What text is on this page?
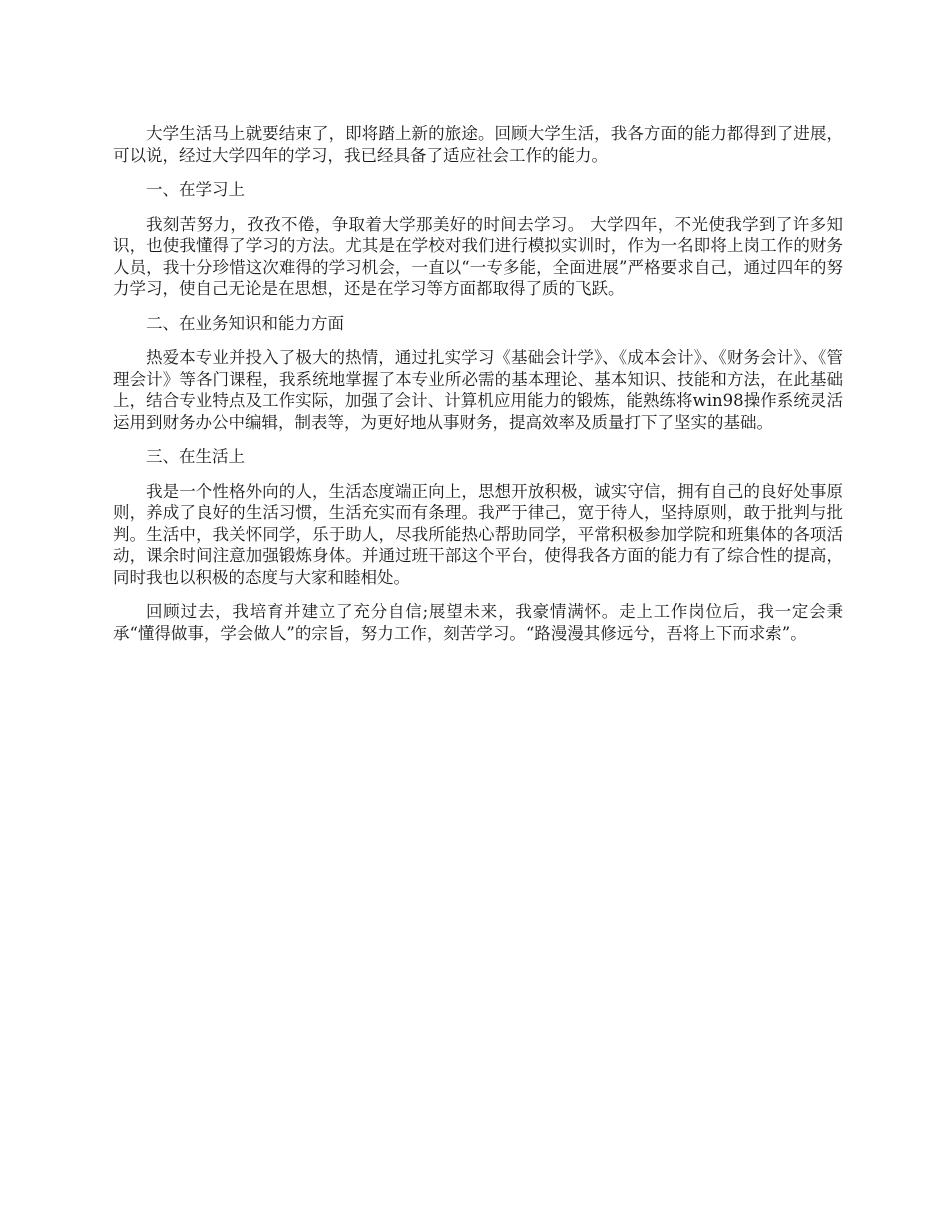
大学生活马上就要结束了，即将踏上新的旅途。回顾大学生活，我各方面的能力都得到了进展，可以说，经过大学四年的学习，我已经具备了适应社会工作的能力。

一、在学习上

我刻苦努力，孜孜不倦，争取着大学那美好的时间去学习。 大学四年，不光使我学到了许多知识，也使我懂得了学习的方法。尤其是在学校对我们进行模拟实训时，作为一名即将上岗工作的财务人员，我十分珍惜这次难得的学习机会，一直以“一专多能，全面进展”严格要求自己，通过四年的努力学习，使自己无论是在思想，还是在学习等方面都取得了质的飞跃。

二、在业务知识和能力方面

热爱本专业并投入了极大的热情，通过扎实学习《基础会计学》、《成本会计》、《财务会计》、《管理会计》等各门课程，我系统地掌握了本专业所必需的基本理论、基本知识、技能和方法，在此基础上，结合专业特点及工作实际，加强了会计、计算机应用能力的锻炼，能熟练将win98操作系统灵活运用到财务办公中编辑，制表等，为更好地从事财务，提高效率及质量打下了坚实的基础。

三、在生活上

我是一个性格外向的人，生活态度端正向上，思想开放积极，诚实守信，拥有自己的良好处事原则，养成了良好的生活习惯，生活充实而有条理。我严于律己，宽于待人，坚持原则，敢于批判与批判。生活中，我关怀同学，乐于助人，尽我所能热心帮助同学，平常积极参加学院和班集体的各项活动，课余时间注意加强锻炼身体。并通过班干部这个平台，使得我各方面的能力有了综合性的提高，同时我也以积极的态度与大家和睦相处。

回顾过去，我培育并建立了充分自信;展望未来，我豪情满怀。走上工作岗位后，我一定会秉承“懂得做事，学会做人”的宗旨，努力工作，刻苦学习。“路漫漫其修远兮，吾将上下而求索”。
